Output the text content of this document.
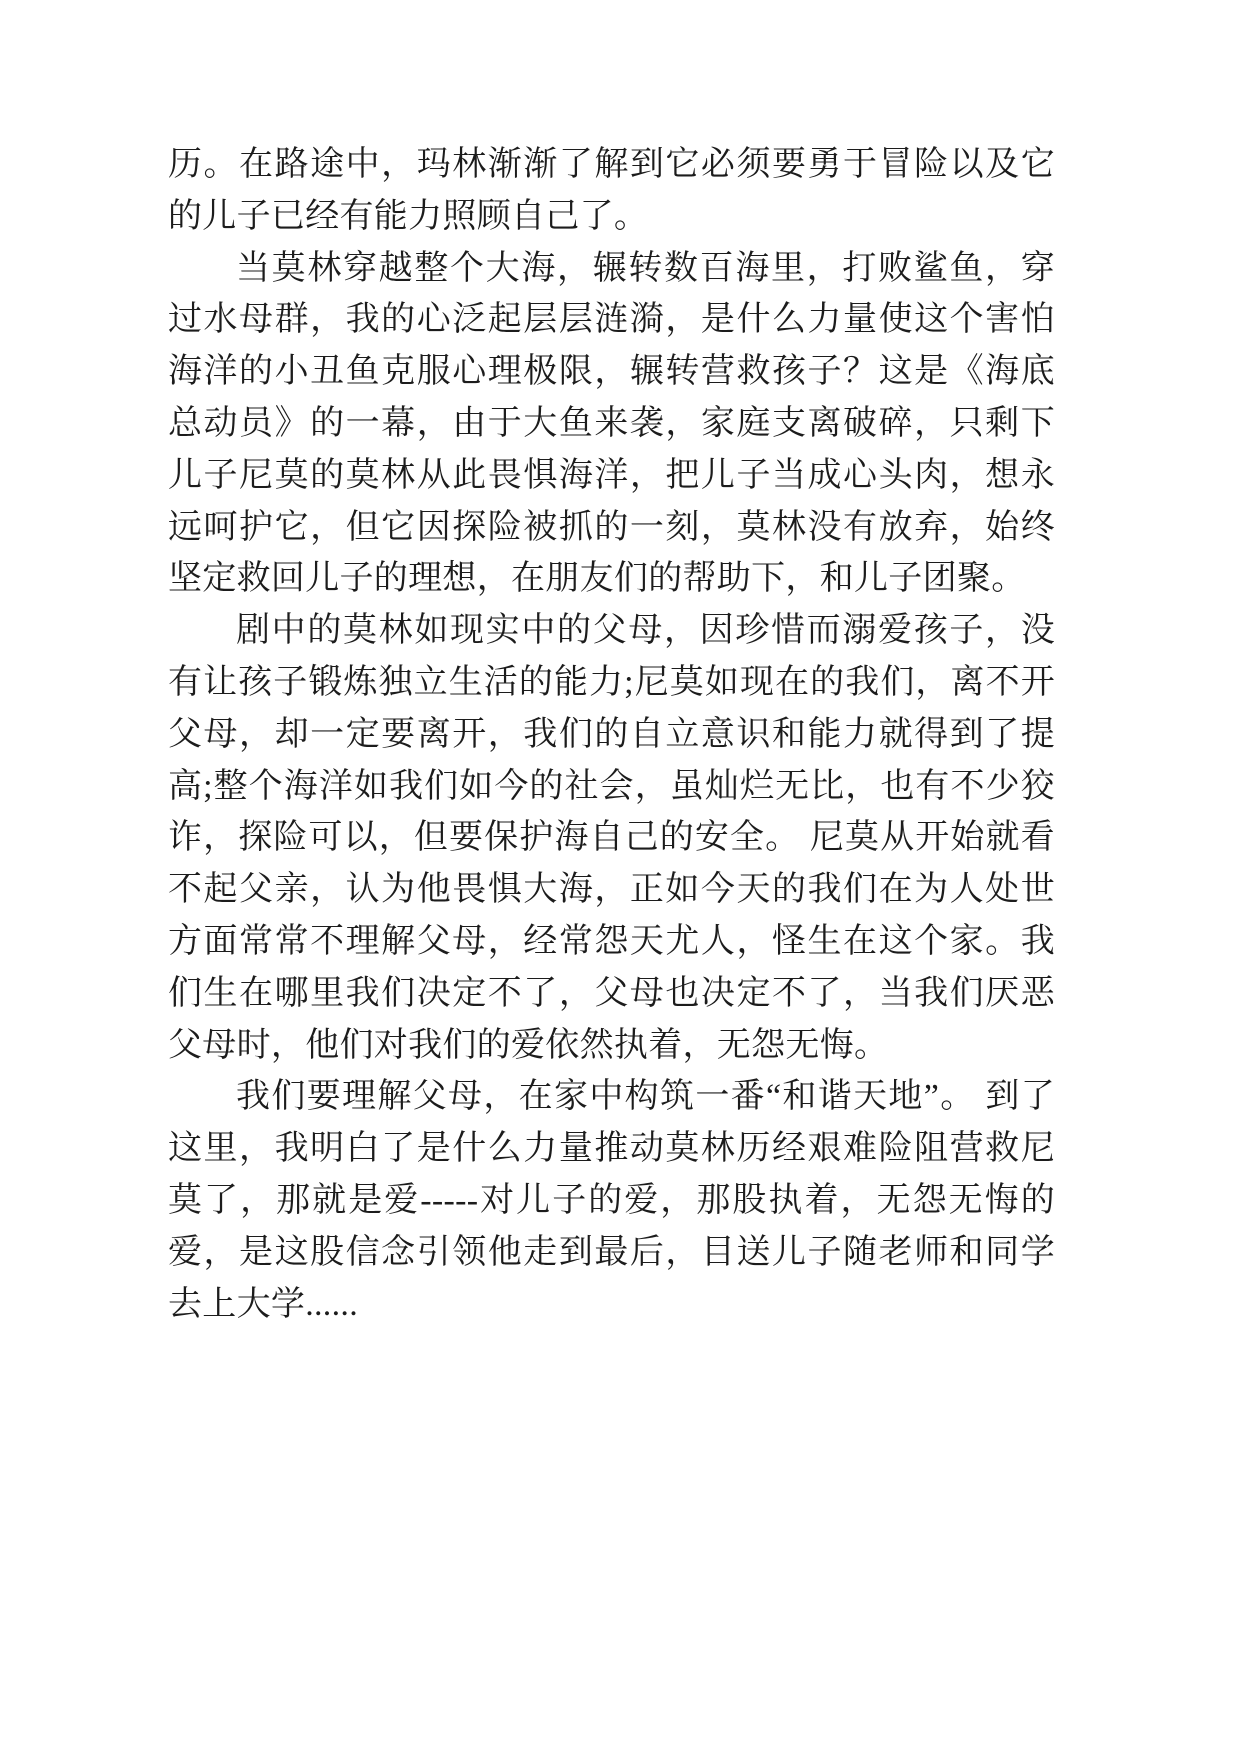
历。在路途中，玛林渐渐了解到它必须要勇于冒险以及它的儿子已经有能力照顾自己了。

当莫林穿越整个大海，辗转数百海里，打败鲨鱼，穿过水母群，我的心泛起层层涟漪，是什么力量使这个害怕海洋的小丑鱼克服心理极限，辗转营救孩子？这是《海底总动员》的一幕，由于大鱼来袭，家庭支离破碎，只剩下儿子尼莫的莫林从此畏惧海洋，把儿子当成心头肉，想永远呵护它，但它因探险被抓的一刻，莫林没有放弃，始终坚定救回儿子的理想，在朋友们的帮助下，和儿子团聚。

剧中的莫林如现实中的父母，因珍惜而溺爱孩子，没有让孩子锻炼独立生活的能力;尼莫如现在的我们，离不开父母，却一定要离开，我们的自立意识和能力就得到了提高;整个海洋如我们如今的社会，虽灿烂无比，也有不少狡诈，探险可以，但要保护海自己的安全。 尼莫从开始就看不起父亲，认为他畏惧大海，正如今天的我们在为人处世方面常常不理解父母，经常怨天尤人，怪生在这个家。我们生在哪里我们决定不了，父母也决定不了，当我们厌恶父母时，他们对我们的爱依然执着，无怨无悔。

我们要理解父母，在家中构筑一番“和谐天地”。 到了这里，我明白了是什么力量推动莫林历经艰难险阻营救尼莫了，那就是爱-----对儿子的爱，那股执着，无怨无悔的爱，是这股信念引领他走到最后，目送儿子随老师和同学去上大学......
